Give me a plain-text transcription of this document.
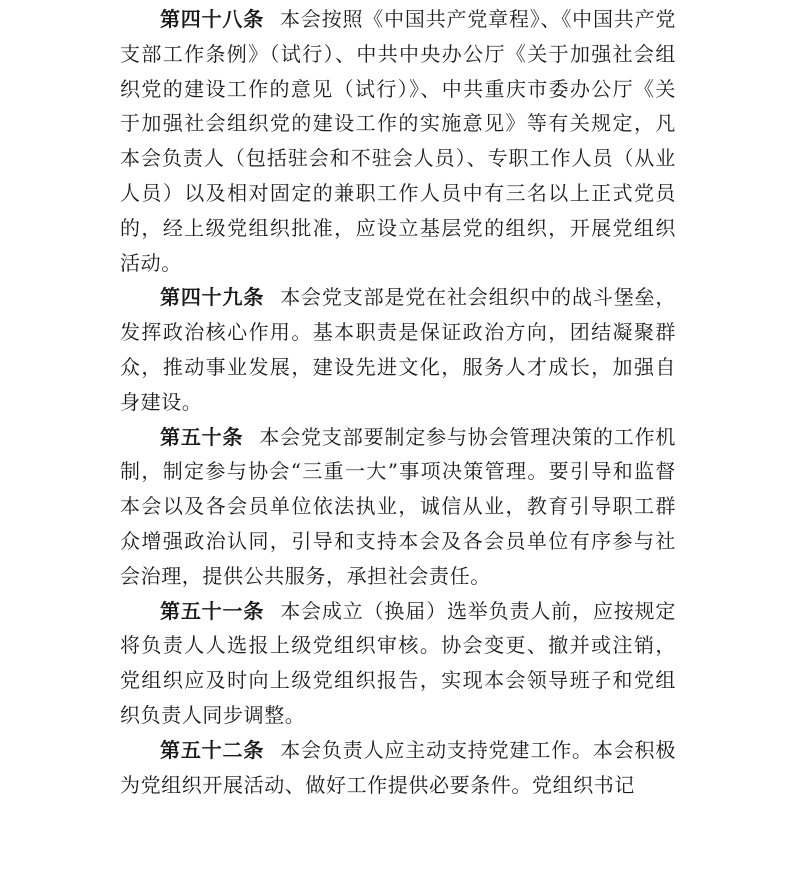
第四十八条 本会按照《中国共产党章程》、《中国共产党支部工作条例》（试行）、中共中央办公厅《关于加强社会组织党的建设工作的意见（试行）》、中共重庆市委办公厅《关于加强社会组织党的建设工作的实施意见》等有关规定，凡本会负责人（包括驻会和不驻会人员）、专职工作人员（从业人员）以及相对固定的兼职工作人员中有三名以上正式党员的，经上级党组织批准，应设立基层党的组织，开展党组织活动。

第四十九条 本会党支部是党在社会组织中的战斗堡垒，发挥政治核心作用。基本职责是保证政治方向，团结凝聚群众，推动事业发展，建设先进文化，服务人才成长，加强自身建设。

第五十条 本会党支部要制定参与协会管理决策的工作机制，制定参与协会“三重一大”事项决策管理。要引导和监督本会以及各会员单位依法执业，诚信从业，教育引导职工群众增强政治认同，引导和支持本会及各会员单位有序参与社会治理，提供公共服务，承担社会责任。

第五十一条 本会成立（换届）选举负责人前，应按规定将负责人人选报上级党组织审核。协会变更、撤并或注销，党组织应及时向上级党组织报告，实现本会领导班子和党组织负责人同步调整。

第五十二条 本会负责人应主动支持党建工作。本会积极为党组织开展活动、做好工作提供必要条件。党组织书记
